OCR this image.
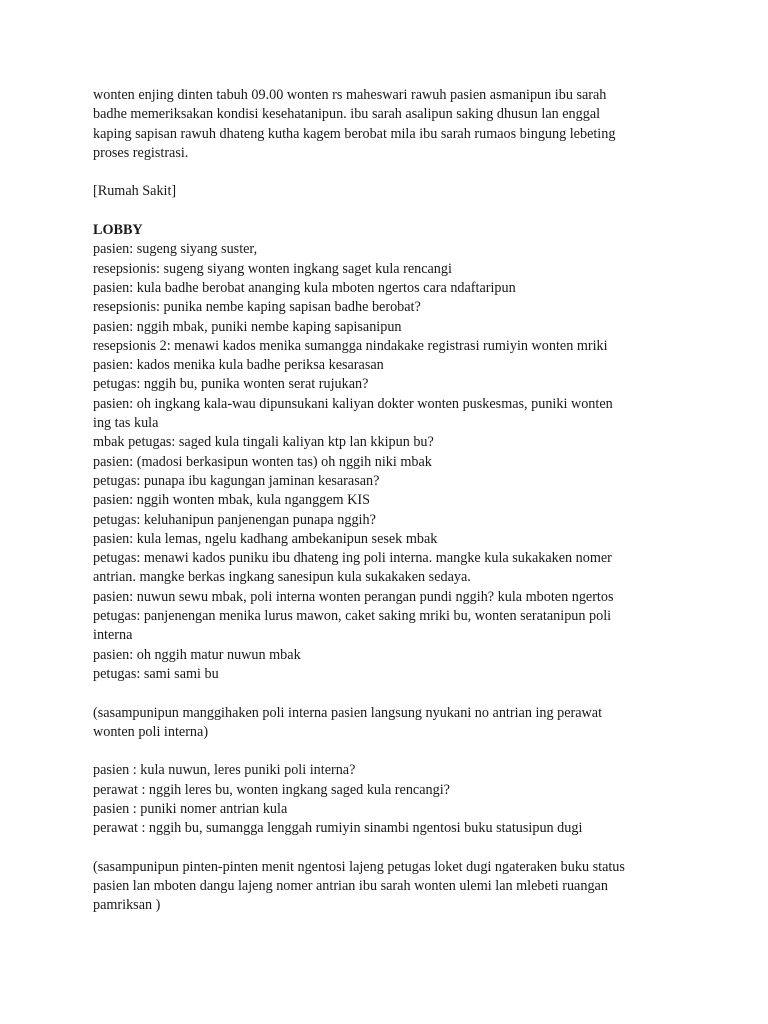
wonten enjing dinten tabuh 09.00 wonten rs maheswari rawuh pasien asmanipun ibu sarah
badhe memeriksakan kondisi kesehatanipun. ibu sarah asalipun saking dhusun lan enggal
kaping sapisan rawuh dhateng kutha kagem berobat mila ibu sarah rumaos bingung lebeting
proses registrasi.
[Rumah Sakit]
LOBBY
pasien: sugeng siyang suster,
resepsionis: sugeng siyang wonten ingkang saget kula rencangi
pasien: kula badhe berobat ananging kula mboten ngertos cara ndaftaripun
resepsionis: punika nembe kaping sapisan badhe berobat?
pasien: nggih mbak, puniki nembe kaping sapisanipun
resepsionis 2: menawi kados menika sumangga nindakake registrasi rumiyin wonten mriki
pasien: kados menika kula badhe periksa kesarasan
petugas: nggih bu, punika wonten serat rujukan?
pasien: oh ingkang kala-wau dipunsukani kaliyan dokter wonten puskesmas, puniki wonten
ing tas kula
mbak petugas: saged kula tingali kaliyan ktp lan kkipun bu?
pasien: (madosi berkasipun wonten tas) oh nggih niki mbak
petugas: punapa ibu kagungan jaminan kesarasan?
pasien: nggih wonten mbak, kula nganggem KIS
petugas: keluhanipun panjenengan punapa nggih?
pasien: kula lemas, ngelu kadhang ambekanipun sesek mbak
petugas: menawi kados puniku ibu dhateng ing poli interna. mangke kula sukakaken nomer
antrian. mangke berkas ingkang sanesipun kula sukakaken sedaya.
pasien: nuwun sewu mbak, poli interna wonten perangan pundi nggih? kula mboten ngertos
petugas: panjenengan menika lurus mawon, caket saking mriki bu, wonten seratanipun poli
interna
pasien: oh nggih matur nuwun mbak
petugas: sami sami bu
(sasampunipun manggihaken poli interna pasien langsung nyukani no antrian ing perawat
wonten poli interna)
pasien : kula nuwun, leres puniki poli interna?
perawat : nggih leres bu, wonten ingkang saged kula rencangi?
pasien : puniki nomer antrian kula
perawat : nggih bu, sumangga lenggah rumiyin sinambi ngentosi buku statusipun dugi
(sasampunipun pinten-pinten menit ngentosi lajeng petugas loket dugi ngateraken buku status
pasien lan mboten dangu lajeng nomer antrian ibu sarah wonten ulemi lan mlebeti ruangan
pamriksan )
